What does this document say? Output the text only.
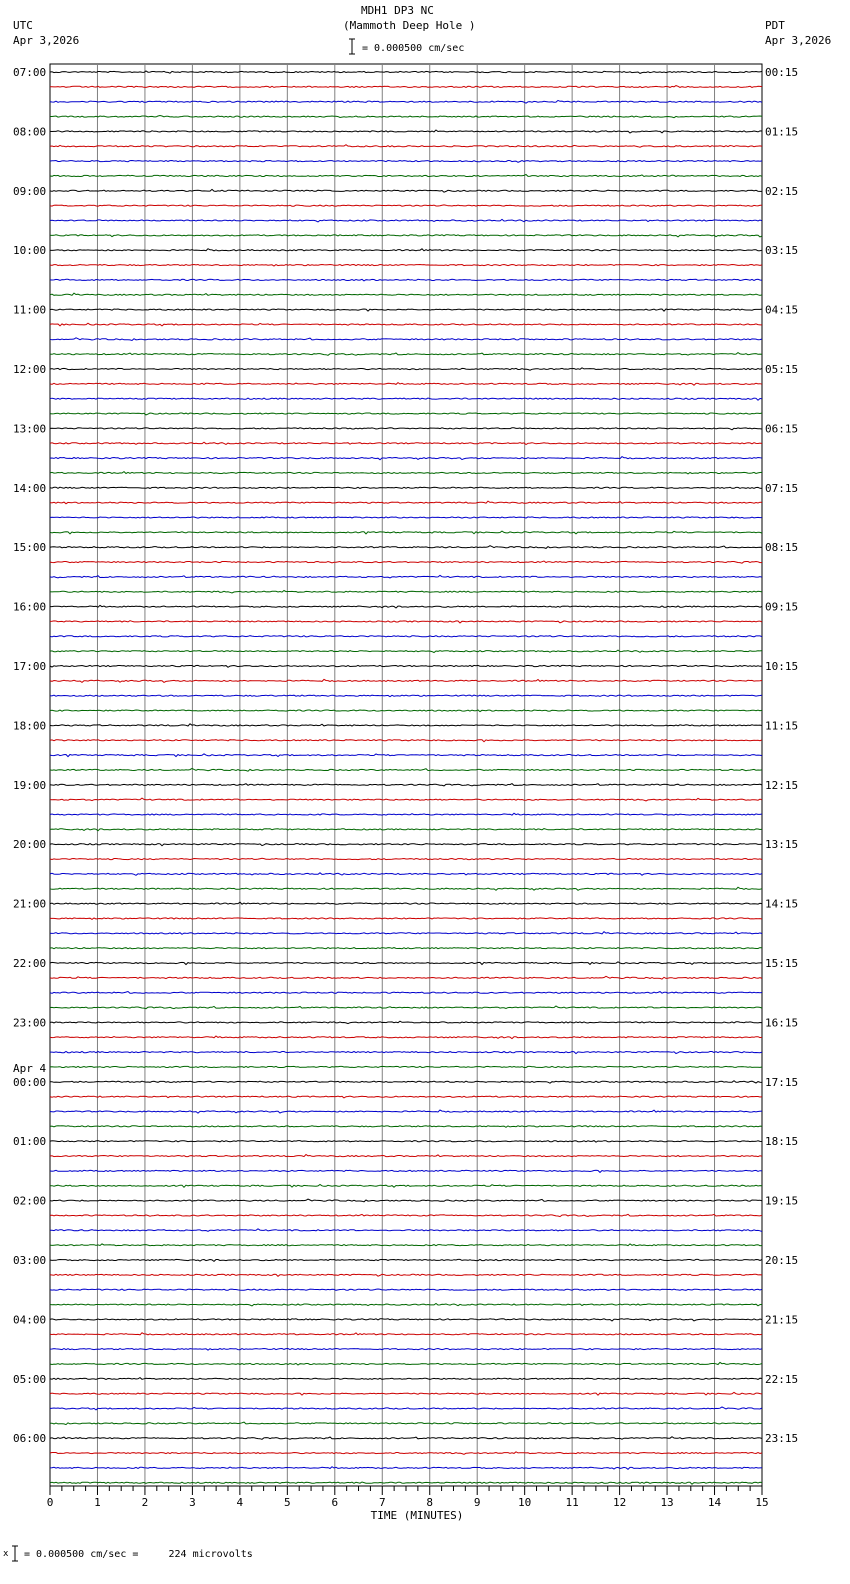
MDH1 DP3 NC
(Mammoth Deep Hole )
UTC
Apr 3,2026
PDT
Apr 3,2026
= 0.000500 cm/sec
07:00
08:00
09:00
10:00
11:00
12:00
13:00
14:00
15:00
16:00
17:00
18:00
19:00
20:00
21:00
22:00
23:00
00:00
01:00
02:00
03:00
04:00
05:00
06:00
00:15
01:15
02:15
03:15
04:15
05:15
06:15
07:15
08:15
09:15
10:15
11:15
12:15
13:15
14:15
15:15
16:15
17:15
18:15
19:15
20:15
21:15
22:15
23:15
Apr 4
0	1	2	3	4	5	6	7	8	9	10	11	12	13	14	15
TIME (MINUTES)
x = 0.000500 cm/sec =     224 microvolts
